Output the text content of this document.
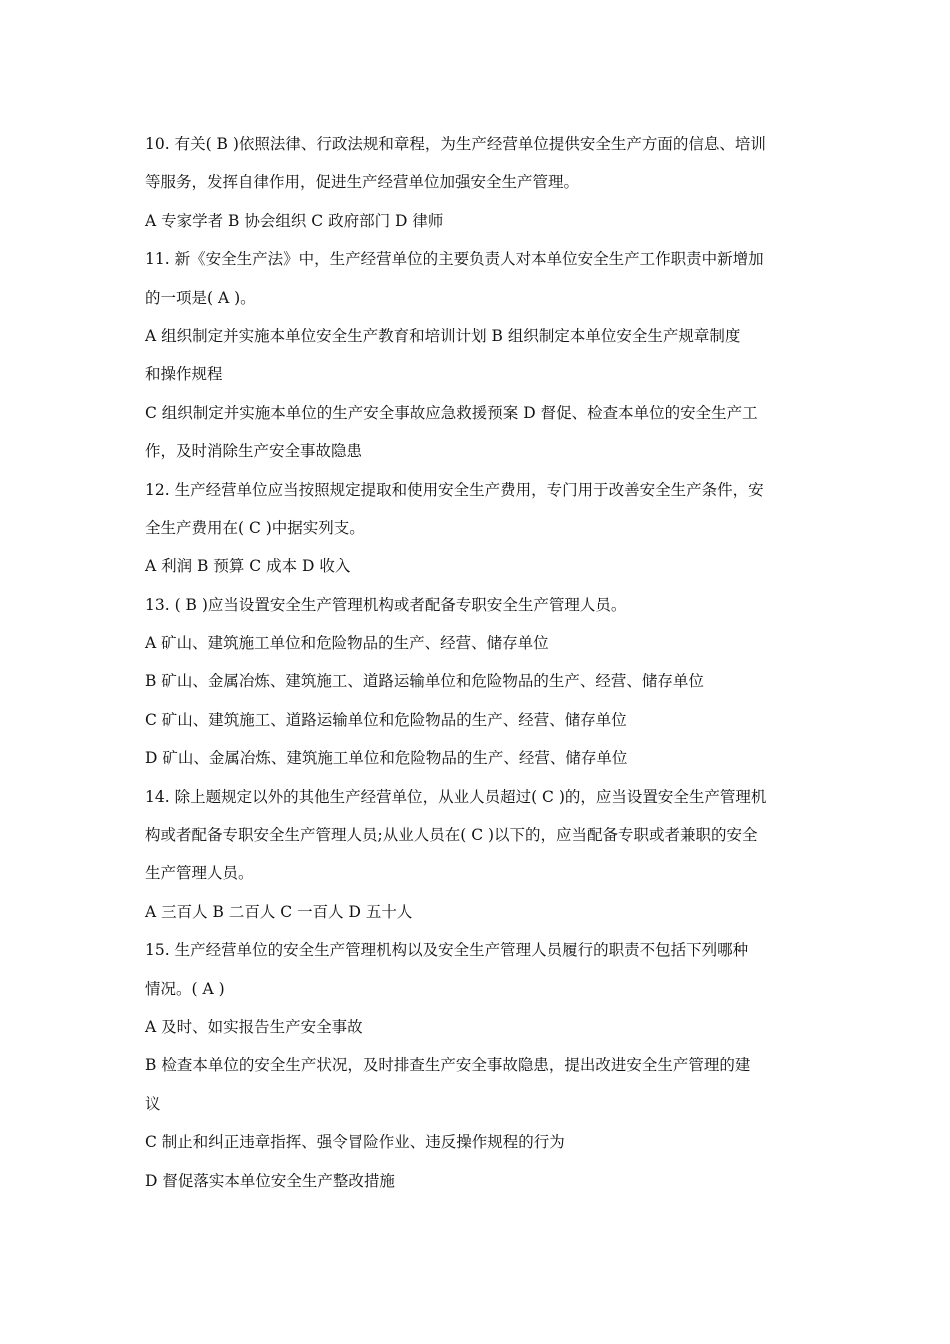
10. 有关( B )依照法律、行政法规和章程，为生产经营单位提供安全生产方面的信息、培训
等服务，发挥自律作用，促进生产经营单位加强安全生产管理。
A 专家学者 B 协会组织 C 政府部门 D 律师
11. 新《安全生产法》中，生产经营单位的主要负责人对本单位安全生产工作职责中新增加
的一项是( A )。
A 组织制定并实施本单位安全生产教育和培训计划 B 组织制定本单位安全生产规章制度
和操作规程
C 组织制定并实施本单位的生产安全事故应急救援预案 D 督促、检查本单位的安全生产工
作，及时消除生产安全事故隐患
12. 生产经营单位应当按照规定提取和使用安全生产费用，专门用于改善安全生产条件，安
全生产费用在( C )中据实列支。
A 利润 B 预算 C 成本 D 收入
13. ( B )应当设置安全生产管理机构或者配备专职安全生产管理人员。
A 矿山、建筑施工单位和危险物品的生产、经营、储存单位
B 矿山、金属冶炼、建筑施工、道路运输单位和危险物品的生产、经营、储存单位
C 矿山、建筑施工、道路运输单位和危险物品的生产、经营、储存单位
D 矿山、金属冶炼、建筑施工单位和危险物品的生产、经营、储存单位
14. 除上题规定以外的其他生产经营单位，从业人员超过( C )的，应当设置安全生产管理机
构或者配备专职安全生产管理人员;从业人员在( C )以下的，应当配备专职或者兼职的安全
生产管理人员。
A 三百人 B 二百人 C 一百人 D 五十人
15. 生产经营单位的安全生产管理机构以及安全生产管理人员履行的职责不包括下列哪种
情况。( A )
A 及时、如实报告生产安全事故
B 检查本单位的安全生产状况，及时排查生产安全事故隐患，提出改进安全生产管理的建
议
C 制止和纠正违章指挥、强令冒险作业、违反操作规程的行为
D 督促落实本单位安全生产整改措施
